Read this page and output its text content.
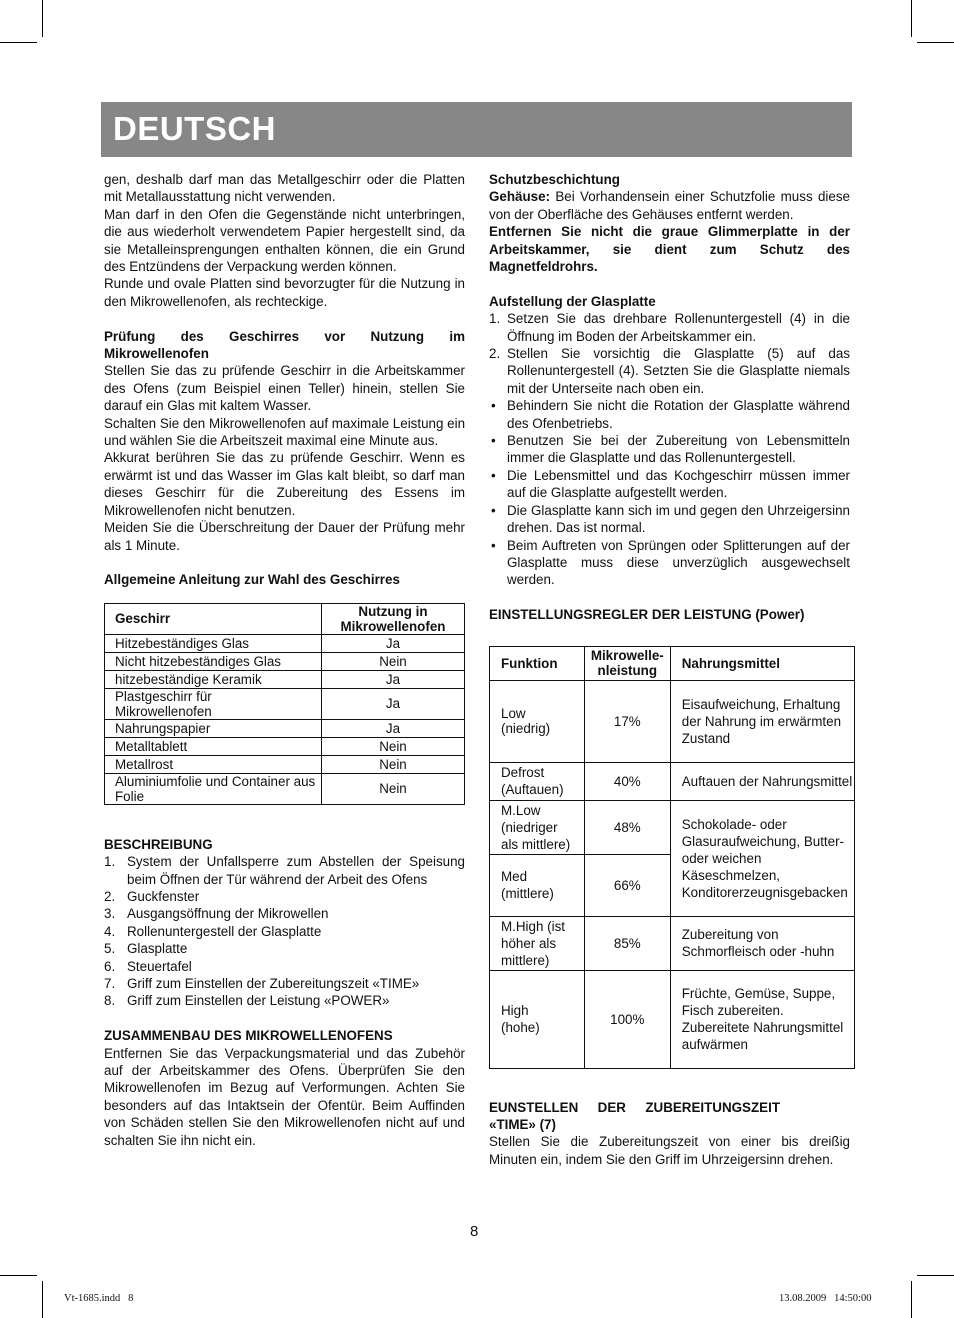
DEUTSCH

gen, deshalb darf man das Metallgeschirr oder die Platten mit Metallausstattung nicht verwenden.

Man darf in den Ofen die Gegenstände nicht unterbringen, die aus wiederholt verwendetem Papier hergestellt sind, da sie Metalleinsprengungen enthalten können, die ein Grund des Entzündens der Verpackung werden können.

Runde und ovale Platten sind bevorzugter für die Nutzung in den Mikrowellenofen, als rechteckige.

Prüfung des Geschirres vor Nutzung im Mikrowellenofen

Stellen Sie das zu prüfende Geschirr in die Arbeitskammer des Ofens (zum Beispiel einen Teller) hinein, stellen Sie darauf ein Glas mit kaltem Wasser.

Schalten Sie den Mikrowellenofen auf maximale Leistung ein und wählen Sie die Arbeitszeit maximal eine Minute aus.

Akkurat berühren Sie das zu prüfende Geschirr. Wenn es erwärmt ist und das Wasser im Glas kalt bleibt, so darf man dieses Geschirr für die Zubereitung des Essens im Mikrowellenofen nicht benutzen.

Meiden Sie die Überschreitung der Dauer der Prüfung mehr als 1 Minute.

Allgemeine Anleitung zur Wahl des Geschirres

Geschirr	Nutzung in Mikrowellenofen
Hitzebeständiges Glas	Ja
Nicht hitzebeständiges Glas	Nein
hitzebeständige Keramik	Ja
Plastgeschirr für Mikrowellenofen	Ja
Nahrungspapier	Ja
Metalltablett	Nein
Metallrost	Nein
Aluminiumfolie und Container aus Folie	Nein

BESCHREIBUNG

1. System der Unfallsperre zum Abstellen der Speisung beim Öffnen der Tür während der Arbeit des Ofens
2. Guckfenster
3. Ausgangsöffnung der Mikrowellen
4. Rollenuntergestell der Glasplatte
5. Glasplatte
6. Steuertafel
7. Griff zum Einstellen der Zubereitungszeit «TIME»
8. Griff zum Einstellen der Leistung «POWER»

ZUSAMMENBAU DES MIKROWELLENOFENS

Entfernen Sie das Verpackungsmaterial und das Zubehör auf der Arbeitskammer des Ofens. Überprüfen Sie den Mikrowellenofen im Bezug auf Verformungen. Achten Sie besonders auf das Intaktsein der Ofentür. Beim Auffinden von Schäden stellen Sie den Mikrowellenofen nicht auf und schalten Sie ihn nicht ein.

Schutzbeschichtung

Gehäuse: Bei Vorhandensein einer Schutzfolie muss diese von der Oberfläche des Gehäuses entfernt werden.

Entfernen Sie nicht die graue Glimmerplatte in der Arbeitskammer, sie dient zum Schutz des Magnetfeldrohrs.

Aufstellung der Glasplatte

1. Setzen Sie das drehbare Rollenuntergestell (4) in die Öffnung im Boden der Arbeitskammer ein.
2. Stellen Sie vorsichtig die Glasplatte (5) auf das Rollenuntergestell (4). Setzten Sie die Glasplatte niemals mit der Unterseite nach oben ein.
• Behindern Sie nicht die Rotation der Glasplatte während des Ofenbetriebs.
• Benutzen Sie bei der Zubereitung von Lebensmitteln immer die Glasplatte und das Rollenuntergestell.
• Die Lebensmittel und das Kochgeschirr müssen immer auf die Glasplatte aufgestellt werden.
• Die Glasplatte kann sich im und gegen den Uhrzeigersinn drehen. Das ist normal.
• Beim Auftreten von Sprüngen oder Splitterungen auf der Glasplatte muss diese unverzüglich ausgewechselt werden.

EINSTELLUNGSREGLER DER LEISTUNG (Power)

Funktion	Mikrowelle-nleistung	Nahrungsmittel
Low (niedrig)	17%	Eisaufweichung, Erhaltung der Nahrung im erwärmten Zustand
Defrost (Auftauen)	40%	Auftauen der Nahrungsmittel
M.Low (niedriger als mittlere)	48%	Schokolade- oder Glasuraufweichung, Butter- oder weichen Käseschmelzen, Konditorerzeugnisgebacken
Med (mittlere)	66%	
M.High (ist höher als mittlere)	85%	Zubereitung von Schmorfleisch oder -huhn
High (hohe)	100%	Früchte, Gemüse, Suppe, Fisch zubereiten. Zubereitete Nahrungsmittel aufwärmen

EUNSTELLEN DER ZUBEREITUNGSZEIT «TIME» (7)

Stellen Sie die Zubereitungszeit von einer bis dreißig Minuten ein, indem Sie den Griff im Uhrzeigersinn drehen.

8
Vt-1685.indd   8	13.08.2009   14:50:00
